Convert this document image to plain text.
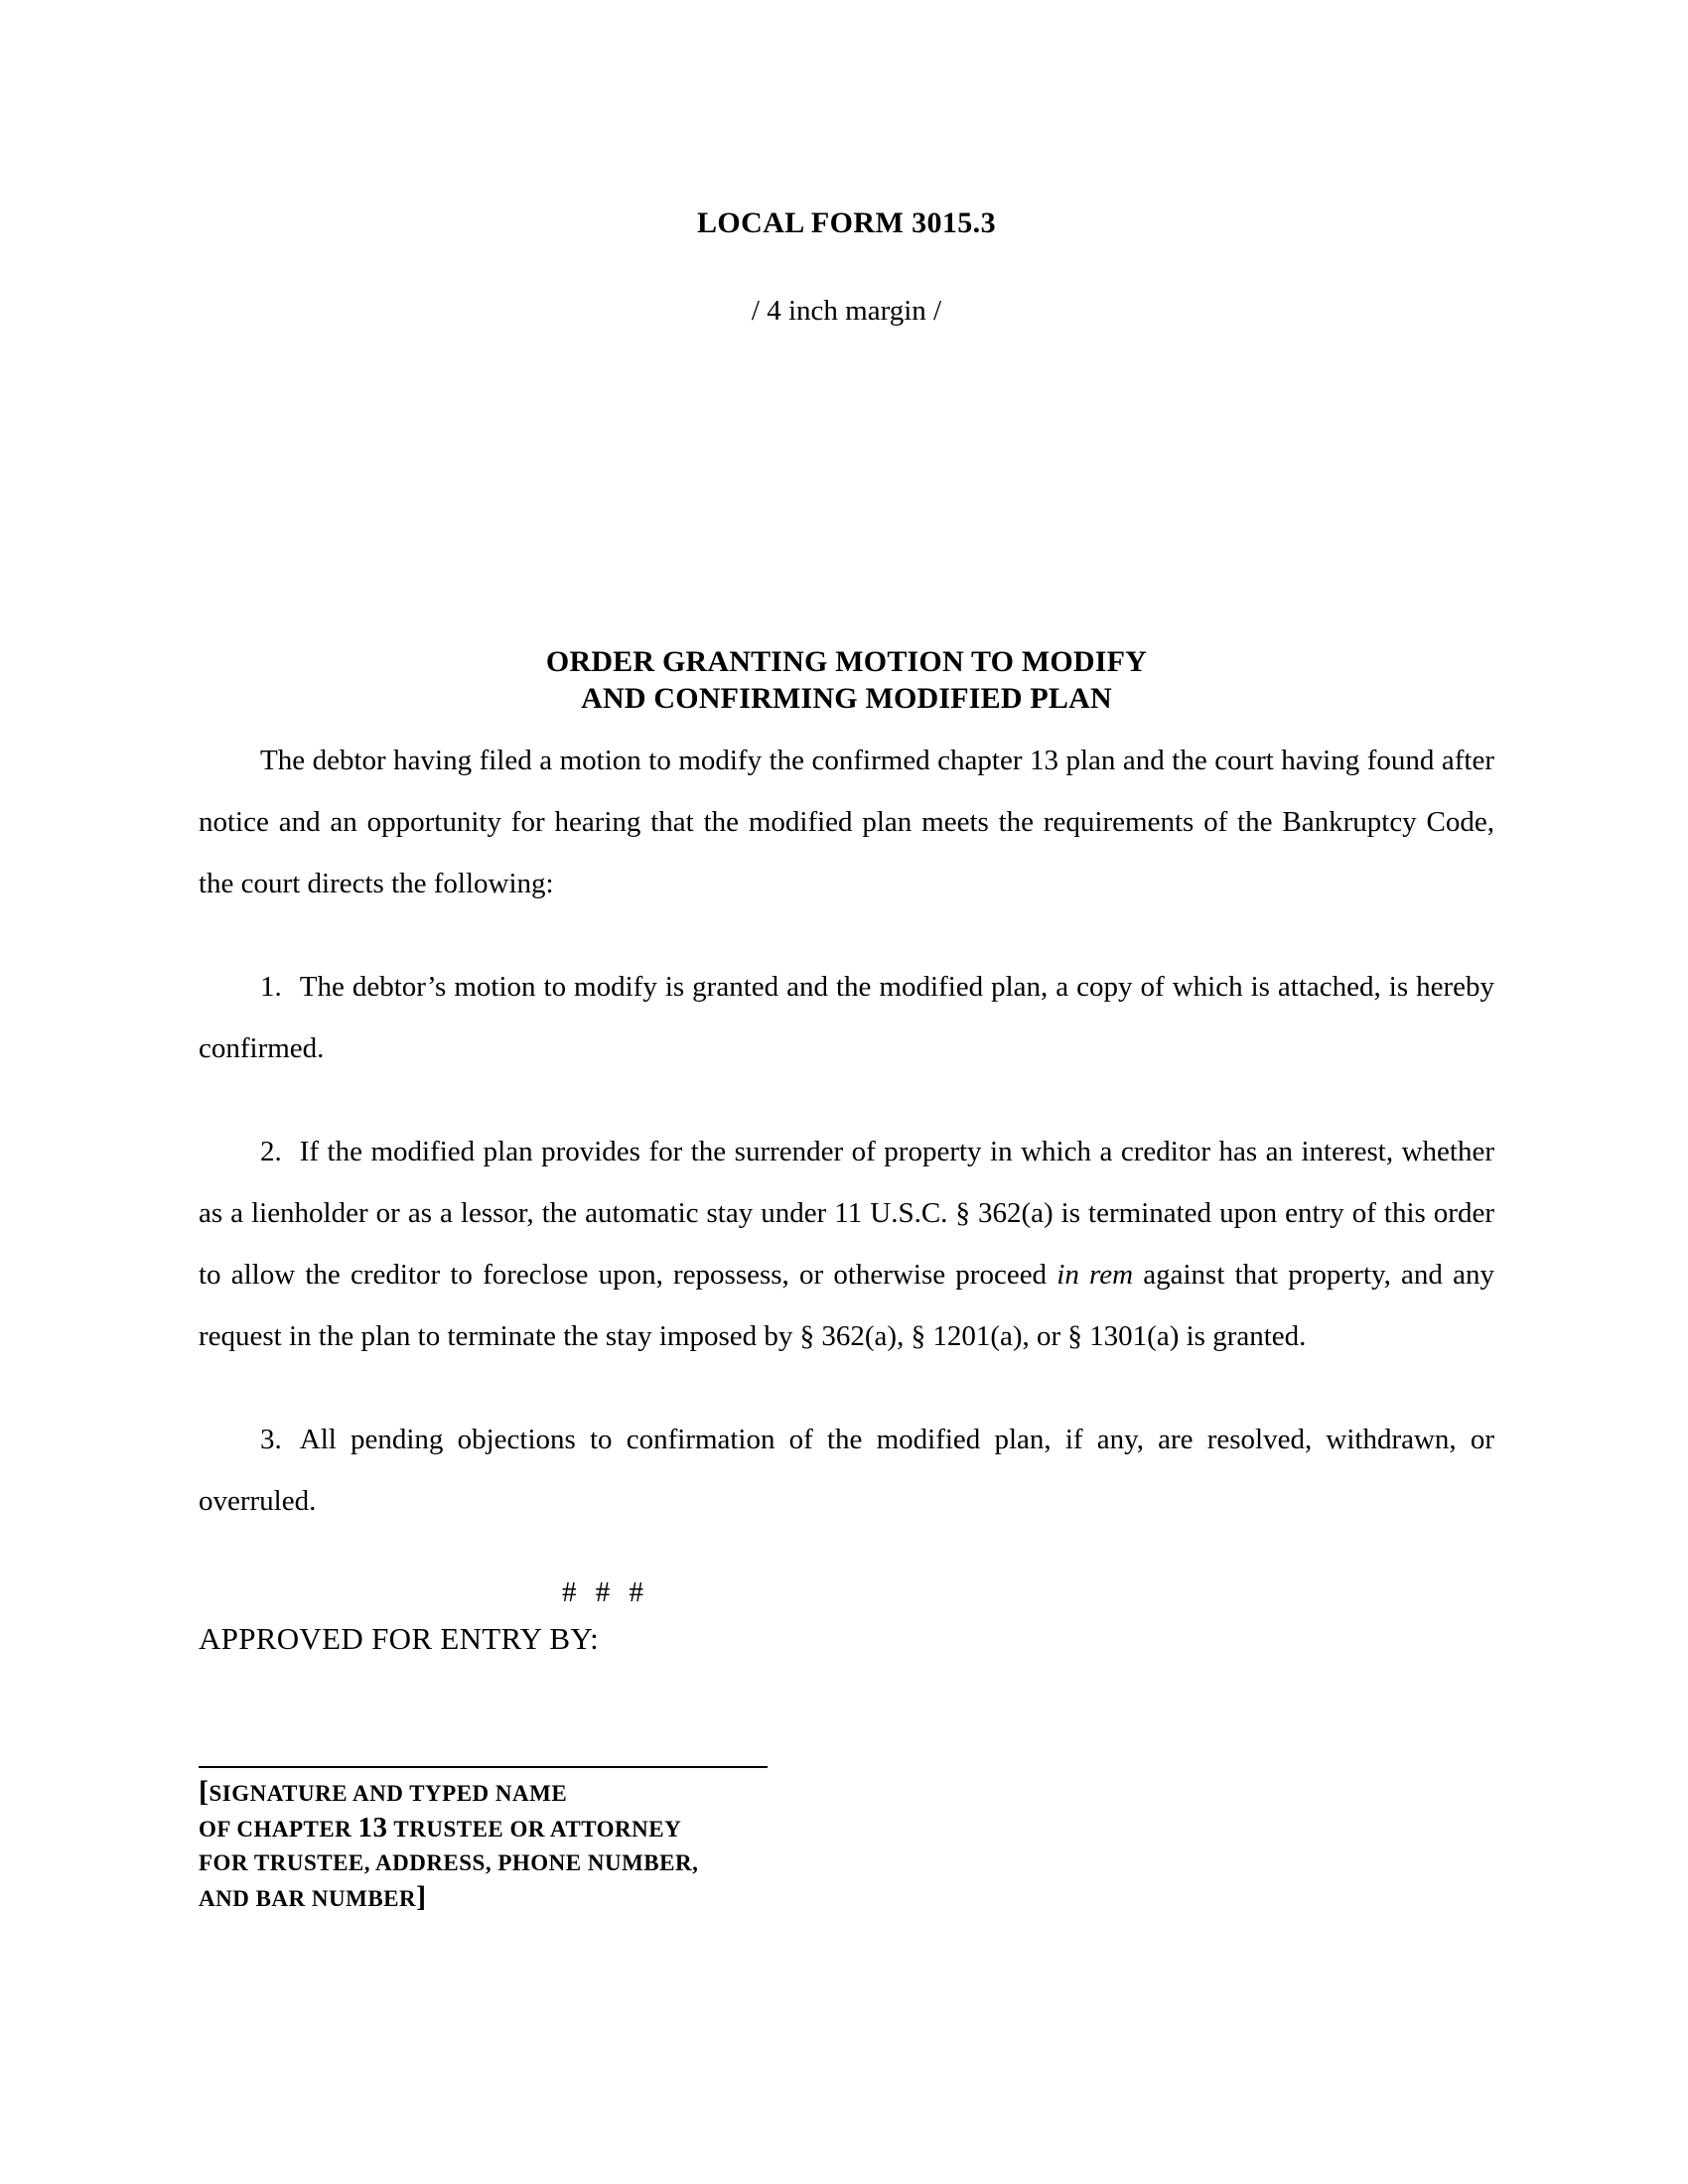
LOCAL FORM 3015.3
/ 4 inch margin /
ORDER GRANTING MOTION TO MODIFY
AND CONFIRMING MODIFIED PLAN

The debtor having filed a motion to modify the confirmed chapter 13 plan and the court having found after notice and an opportunity for hearing that the modified plan meets the requirements of the Bankruptcy Code, the court directs the following:

1. The debtor’s motion to modify is granted and the modified plan, a copy of which is attached, is hereby confirmed.

2. If the modified plan provides for the surrender of property in which a creditor has an interest, whether as a lienholder or as a lessor, the automatic stay under 11 U.S.C. § 362(a) is terminated upon entry of this order to allow the creditor to foreclose upon, repossess, or otherwise proceed in rem against that property, and any request in the plan to terminate the stay imposed by § 362(a), § 1201(a), or § 1301(a) is granted.

3. All pending objections to confirmation of the modified plan, if any, are resolved, withdrawn, or overruled.

# # #
APPROVED FOR ENTRY BY:
[SIGNATURE AND TYPED NAME
OF CHAPTER 13 TRUSTEE OR ATTORNEY
FOR TRUSTEE, ADDRESS, PHONE NUMBER,
AND BAR NUMBER]
